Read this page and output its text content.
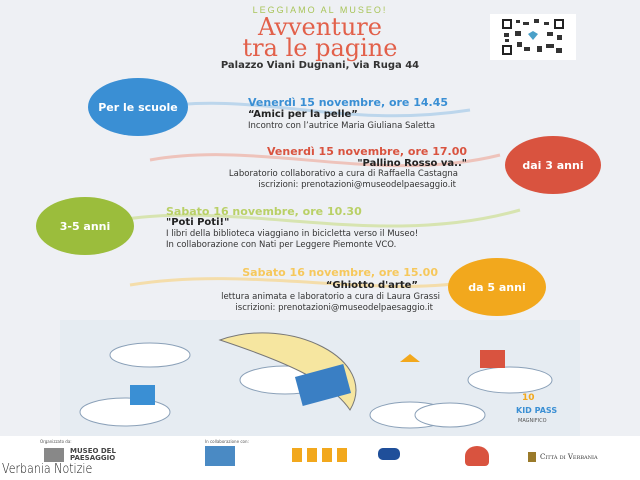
LEGGIAMO AL MUSEO!
Avventure
tra le pagine
Palazzo Viani Dugnani, via Ruga 44
Per le scuole	Venerdì 15 novembre, ore 14.45
“Amici per la pelle”
Incontro con l’autrice Maria Giuliana Saletta
dai 3 anni
Venerdì 15 novembre, ore 17.00
"Pallino Rosso va.."
Laboratorio collaborativo a cura di Raffaella Castagna
iscrizioni: prenotazioni@museodelpaesaggio.it
3-5 anni
Sabato 16 novembre, ore 10.30
"Poti Poti!"
I libri della biblioteca viaggiano in bicicletta verso il Museo!
In collaborazione con Nati per Leggere Piemonte VCO.
da 5 anni
Sabato 16 novembre, ore 15.00
“Ghiotto d'arte”
lettura animata e laboratorio a cura di Laura Grassi
iscrizioni: prenotazioni@museodelpaesaggio.it
10
KID PASS
MAGNIFICO
Organizzato da:
MUSEO DEL PAESAGGIO
In collaborazione con:
Città di Verbania
Verbania Notizie
